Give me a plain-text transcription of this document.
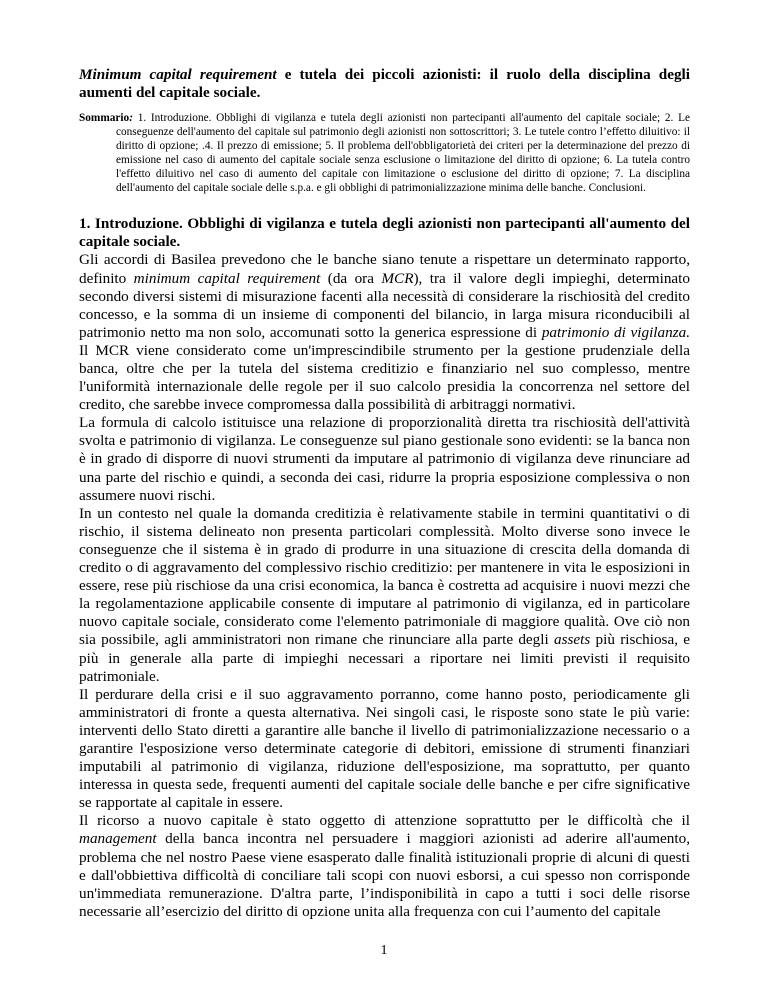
Minimum capital requirement e tutela dei piccoli azionisti: il ruolo della disciplina degli aumenti del capitale sociale.
Sommario: 1. Introduzione. Obblighi di vigilanza e tutela degli azionisti non partecipanti all'aumento del capitale sociale; 2. Le conseguenze dell'aumento del capitale sul patrimonio degli azionisti non sottoscrittori; 3. Le tutele contro l’effetto diluitivo: il diritto di opzione; .4. Il prezzo di emissione; 5. Il problema dell'obbligatorietà dei criteri per la determinazione del prezzo di emissione nel caso di aumento del capitale sociale senza esclusione o limitazione del diritto di opzione; 6. La tutela contro l'effetto diluitivo nel caso di aumento del capitale con limitazione o esclusione del diritto di opzione; 7. La disciplina dell'aumento del capitale sociale delle s.p.a. e gli obblighi di patrimonializzazione minima delle banche. Conclusioni.
1. Introduzione. Obblighi di vigilanza e tutela degli azionisti non partecipanti all'aumento del capitale sociale.

Gli accordi di Basilea prevedono che le banche siano tenute a rispettare un determinato rapporto, definito minimum capital requirement (da ora MCR), tra il valore degli impieghi, determinato secondo diversi sistemi di misurazione facenti alla necessità di considerare la rischiosità del credito concesso, e la somma di un insieme di componenti del bilancio, in larga misura riconducibili al patrimonio netto ma non solo, accomunati sotto la generica espressione di patrimonio di vigilanza. Il MCR viene considerato come un'imprescindibile strumento per la gestione prudenziale della banca, oltre che per la tutela del sistema creditizio e finanziario nel suo complesso, mentre l'uniformità internazionale delle regole per il suo calcolo presidia la concorrenza nel settore del credito, che sarebbe invece compromessa dalla possibilità di arbitraggi normativi.

La formula di calcolo istituisce una relazione di proporzionalità diretta tra rischiosità dell'attività svolta e patrimonio di vigilanza. Le conseguenze sul piano gestionale sono evidenti: se la banca non è in grado di disporre di nuovi strumenti da imputare al patrimonio di vigilanza deve rinunciare ad una parte del rischio e quindi, a seconda dei casi, ridurre la propria esposizione complessiva o non assumere nuovi rischi.

In un contesto nel quale la domanda creditizia è relativamente stabile in termini quantitativi o di rischio, il sistema delineato non presenta particolari complessità. Molto diverse sono invece le conseguenze che il sistema è in grado di produrre in una situazione di crescita della domanda di credito o di aggravamento del complessivo rischio creditizio: per mantenere in vita le esposizioni in essere, rese più rischiose da una crisi economica, la banca è costretta ad acquisire i nuovi mezzi che la regolamentazione applicabile consente di imputare al patrimonio di vigilanza, ed in particolare nuovo capitale sociale, considerato come l'elemento patrimoniale di maggiore qualità. Ove ciò non sia possibile, agli amministratori non rimane che rinunciare alla parte degli assets più rischiosa, e più in generale alla parte di impieghi necessari a riportare nei limiti previsti il requisito patrimoniale.

Il perdurare della crisi e il suo aggravamento porranno, come hanno posto, periodicamente gli amministratori di fronte a questa alternativa. Nei singoli casi, le risposte sono state le più varie: interventi dello Stato diretti a garantire alle banche il livello di patrimonializzazione necessario o a garantire l'esposizione verso determinate categorie di debitori, emissione di strumenti finanziari imputabili al patrimonio di vigilanza, riduzione dell'esposizione, ma soprattutto, per quanto interessa in questa sede, frequenti aumenti del capitale sociale delle banche e per cifre significative se rapportate al capitale in essere.

Il ricorso a nuovo capitale è stato oggetto di attenzione soprattutto per le difficoltà che il management della banca incontra nel persuadere i maggiori azionisti ad aderire all'aumento, problema che nel nostro Paese viene esasperato dalle finalità istituzionali proprie di alcuni di questi e dall'obbiettiva difficoltà di conciliare tali scopi con nuovi esborsi, a cui spesso non corrisponde un'immediata remunerazione. D'altra parte, l’indisponibilità in capo a tutti i soci delle risorse necessarie all’esercizio del diritto di opzione unita alla frequenza con cui l’aumento del capitale

1
